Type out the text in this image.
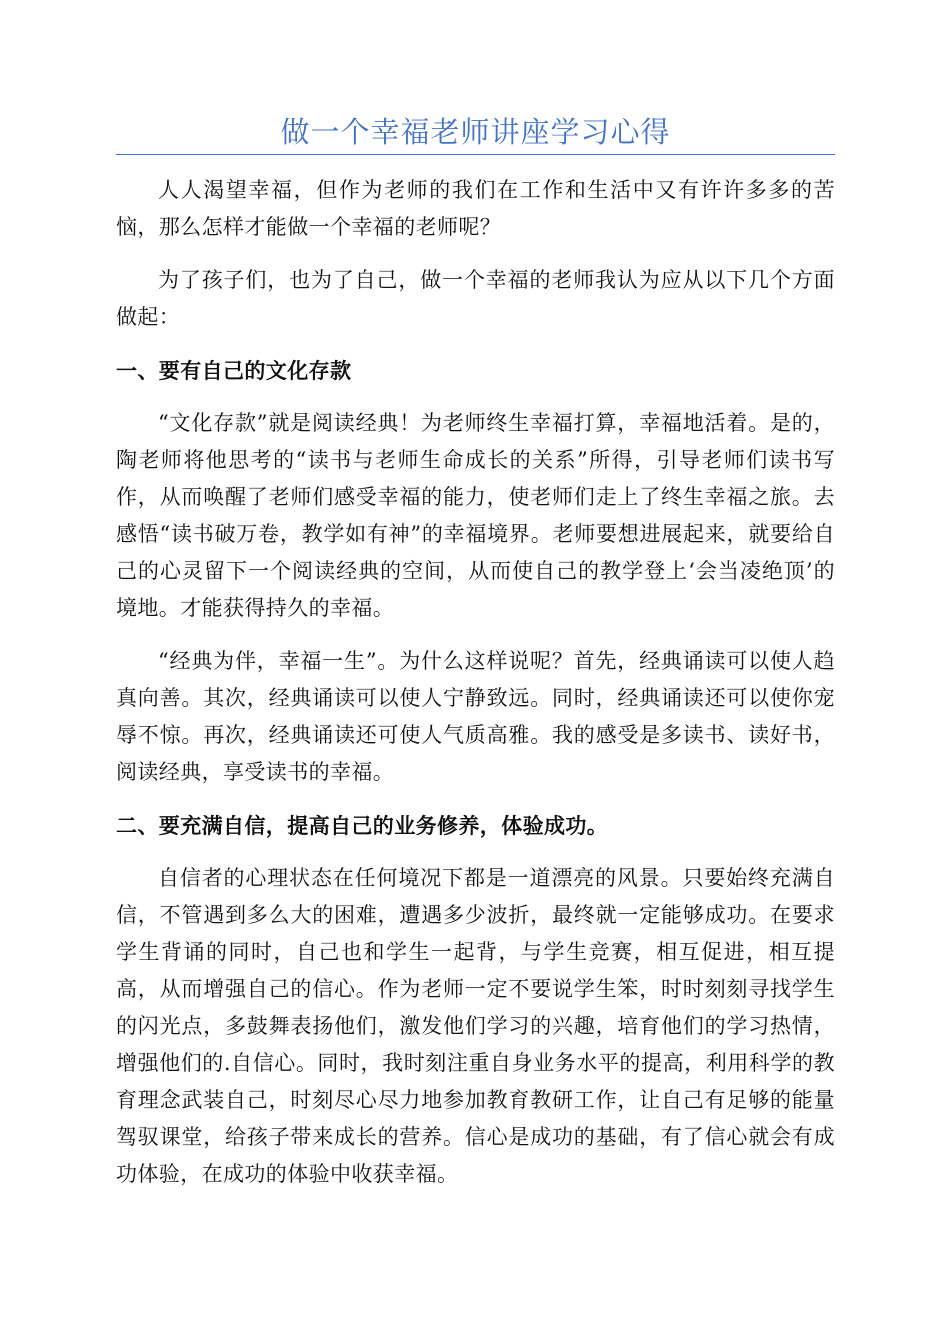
做一个幸福老师讲座学习心得

人人渴望幸福，但作为老师的我们在工作和生活中又有许许多多的苦恼，那么怎样才能做一个幸福的老师呢？

为了孩子们，也为了自己，做一个幸福的老师我认为应从以下几个方面做起：

一、要有自己的文化存款

“文化存款”就是阅读经典！为老师终生幸福打算，幸福地活着。是的，陶老师将他思考的“读书与老师生命成长的关系”所得，引导老师们读书写作，从而唤醒了老师们感受幸福的能力，使老师们走上了终生幸福之旅。去感悟“读书破万卷，教学如有神”的幸福境界。老师要想进展起来，就要给自己的心灵留下一个阅读经典的空间，从而使自己的教学登上‘会当凌绝顶’的境地。才能获得持久的幸福。

“经典为伴，幸福一生”。为什么这样说呢？首先，经典诵读可以使人趋真向善。其次，经典诵读可以使人宁静致远。同时，经典诵读还可以使你宠辱不惊。再次，经典诵读还可使人气质高雅。我的感受是多读书、读好书，阅读经典，享受读书的幸福。

二、要充满自信，提高自己的业务修养，体验成功。

自信者的心理状态在任何境况下都是一道漂亮的风景。只要始终充满自信，不管遇到多么大的困难，遭遇多少波折，最终就一定能够成功。在要求学生背诵的同时，自己也和学生一起背，与学生竞赛，相互促进，相互提高，从而增强自己的信心。作为老师一定不要说学生笨，时时刻刻寻找学生的闪光点，多鼓舞表扬他们，激发他们学习的兴趣，培育他们的学习热情，增强他们的.自信心。同时，我时刻注重自身业务水平的提高，利用科学的教育理念武装自己，时刻尽心尽力地参加教育教研工作，让自己有足够的能量驾驭课堂，给孩子带来成长的营养。信心是成功的基础，有了信心就会有成功体验，在成功的体验中收获幸福。
